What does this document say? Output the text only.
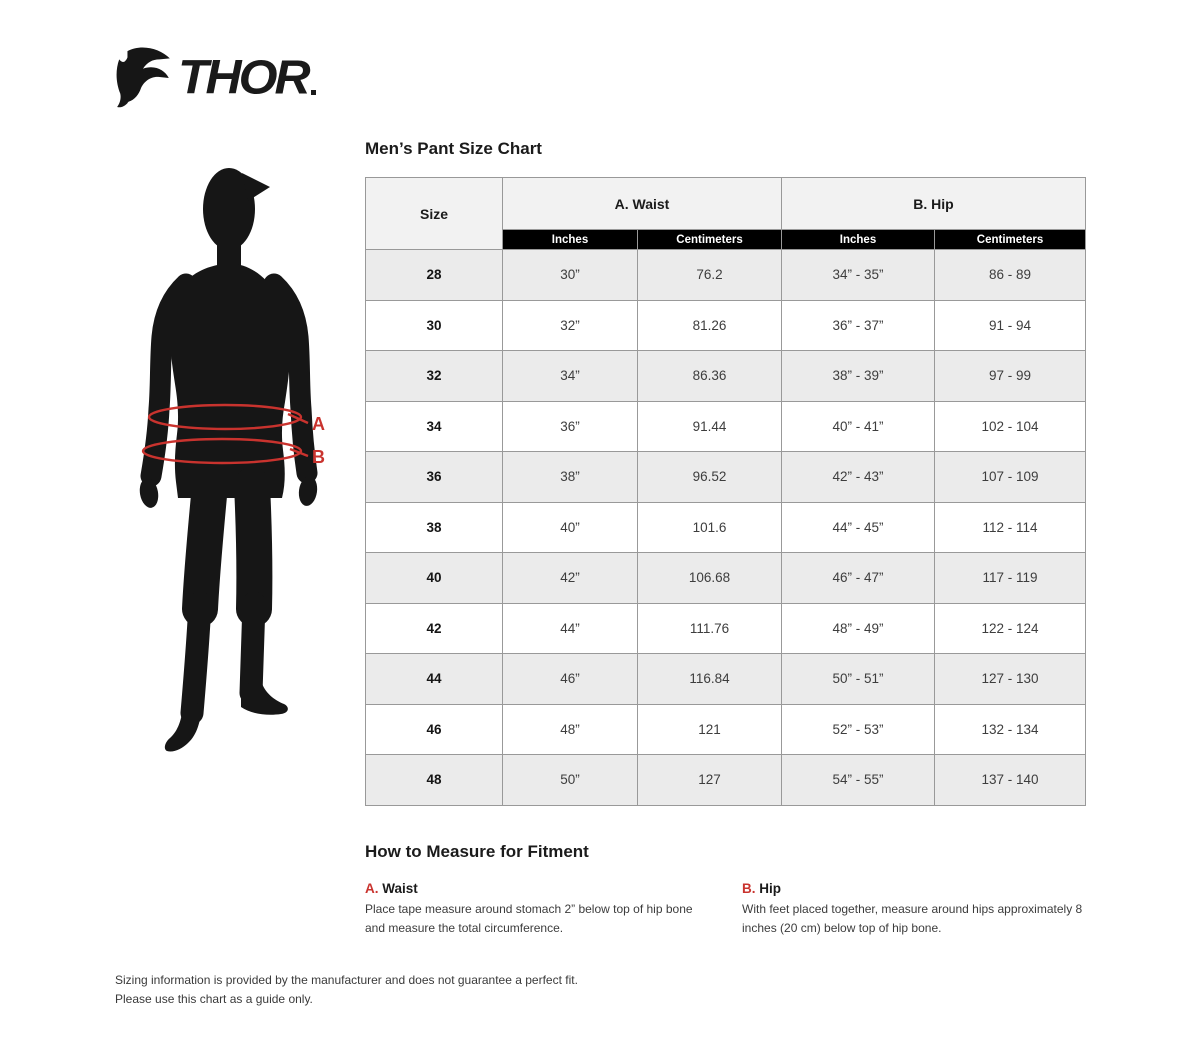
THOR
A
B
Men’s Pant Size Chart
Size	A. Waist		B. Hip	
	Inches	Centimeters	Inches	Centimeters
28	30”	76.2	34” - 35”	86 - 89
30	32”	81.26	36” - 37”	91 - 94
32	34”	86.36	38” - 39”	97 - 99
34	36”	91.44	40” - 41”	102 - 104
36	38”	96.52	42” - 43”	107 - 109
38	40”	101.6	44” - 45”	112 - 114
40	42”	106.68	46” - 47”	117 - 119
42	44”	111.76	48” - 49”	122 - 124
44	46”	116.84	50” - 51”	127 - 130
46	48”	121	52” - 53”	132 - 134
48	50”	127	54” - 55”	137 - 140
How to Measure for Fitment
A. Waist
Place tape measure around stomach 2” below top of hip bone and measure the total circumference.
B. Hip
With feet placed together, measure around hips approximately 8 inches (20 cm) below top of hip bone.
Sizing information is provided by the manufacturer and does not guarantee a perfect fit.
Please use this chart as a guide only.
